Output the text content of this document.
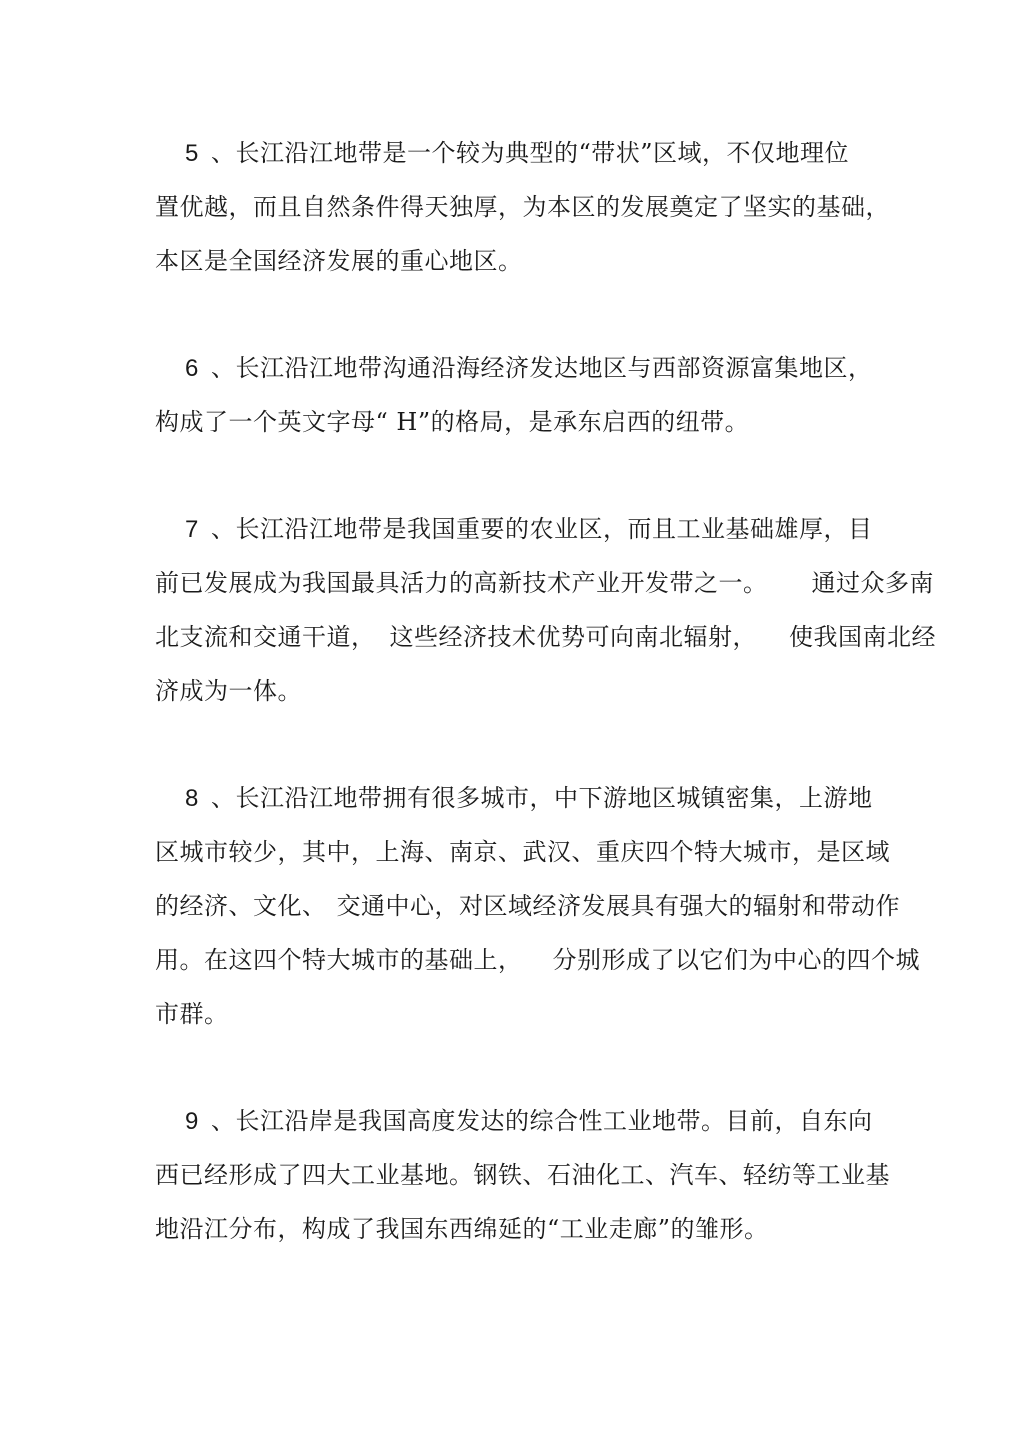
5 、长江沿江地带是一个较为典型的“带状”区域，不仅地理位
置优越，而且自然条件得天独厚，为本区的发展奠定了坚实的基础，
本区是全国经济发展的重心地区。
6 、长江沿江地带沟通沿海经济发达地区与西部资源富集地区，
构成了一个英文字母“ H”的格局，是承东启西的纽带。
7 、长江沿江地带是我国重要的农业区，而且工业基础雄厚，目
前已发展成为我国最具活力的高新技术产业开发带之一。 通过众多南
北支流和交通干道， 这些经济技术优势可向南北辐射， 使我国南北经
济成为一体。
8 、长江沿江地带拥有很多城市，中下游地区城镇密集，上游地
区城市较少，其中，上海、南京、武汉、重庆四个特大城市，是区域
的经济、文化、 交通中心，对区域经济发展具有强大的辐射和带动作
用。在这四个特大城市的基础上， 分别形成了以它们为中心的四个城
市群。
9 、长江沿岸是我国高度发达的综合性工业地带。目前，自东向
西已经形成了四大工业基地。钢铁、石油化工、汽车、轻纺等工业基
地沿江分布，构成了我国东西绵延的“工业走廊”的雏形。
